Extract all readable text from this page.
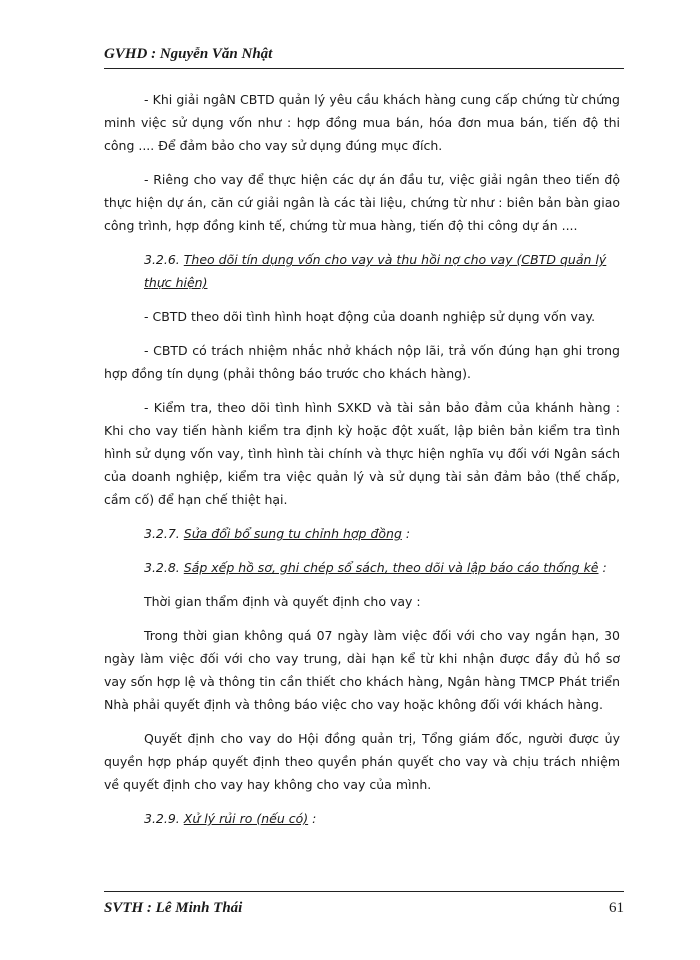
GVHD : Nguyễn Văn Nhật

- Khi giải ngâN CBTD quản lý yêu cầu khách hàng cung cấp chứng từ chứng minh việc sử dụng vốn như : hợp đồng mua bán, hóa đơn mua bán, tiến độ thi công .... Để đảm bảo cho vay sử dụng đúng mục đích.

- Riêng cho vay để thực hiện các dự án đầu tư, việc giải ngân theo tiến độ thực hiện dự án, căn cứ giải ngân là các tài liệu, chứng từ như : biên bản bàn giao công trình, hợp đồng kinh tế, chứng từ mua hàng, tiến độ thi công dự án ....

3.2.6. Theo dõi tín dụng vốn cho vay và thu hồi nợ cho vay (CBTD quản lý thực hiện)

- CBTD theo dõi tình hình hoạt động của doanh nghiệp sử dụng vốn vay.

- CBTD có trách nhiệm nhắc nhở khách nộp lãi, trả vốn đúng hạn ghi trong hợp đồng tín dụng (phải thông báo trước cho khách hàng).

- Kiểm tra, theo dõi tình hình SXKD và tài sản bảo đảm của khánh hàng : Khi cho vay tiến hành kiểm tra định kỳ hoặc đột xuất, lập biên bản kiểm tra tình hình sử dụng vốn vay, tình hình tài chính và thực hiện nghĩa vụ đối với Ngân sách của doanh nghiệp, kiểm tra việc quản lý và sử dụng tài sản đảm bảo (thế chấp, cầm cố) để hạn chế thiệt hại.

3.2.7. Sửa đổi bổ sung tu chỉnh hợp đồng :
3.2.8. Sắp xếp hồ sơ, ghi chép sổ sách, theo dõi và lập báo cáo thống kê :

Thời gian thẩm định và quyết định cho vay :

Trong thời gian không quá 07 ngày làm việc đối với cho vay ngắn hạn, 30 ngày làm việc đối với cho vay trung, dài hạn kể từ khi nhận được đầy đủ hồ sơ vay sốn hợp lệ và thông tin cần thiết cho khách hàng, Ngân hàng TMCP Phát triển Nhà phải quyết định và thông báo việc cho vay hoặc không đối với khách hàng.

Quyết định cho vay do Hội đồng quản trị, Tổng giám đốc, người được ủy quyền hợp pháp quyết định theo quyền phán quyết cho vay và chịu trách nhiệm về quyết định cho vay hay không cho vay của mình.

3.2.9. Xử lý rủi ro (nếu có) :
SVTH : Lê Minh Thái	61
